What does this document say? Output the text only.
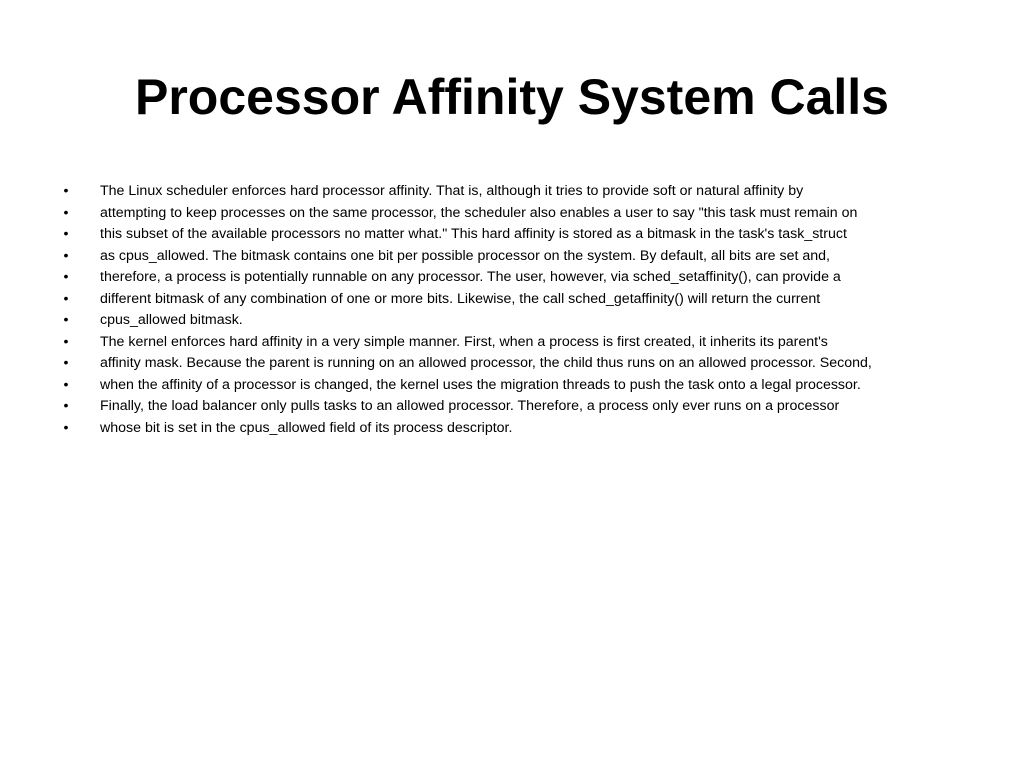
Processor Affinity System Calls
• The Linux scheduler enforces hard processor affinity. That is, although it tries to provide soft or natural affinity by
• attempting to keep processes on the same processor, the scheduler also enables a user to say "this task must remain on
• this subset of the available processors no matter what." This hard affinity is stored as a bitmask in the task's task_struct
• as cpus_allowed. The bitmask contains one bit per possible processor on the system. By default, all bits are set and,
• therefore, a process is potentially runnable on any processor. The user, however, via sched_setaffinity(), can provide a
• different bitmask of any combination of one or more bits. Likewise, the call sched_getaffinity() will return the current
• cpus_allowed bitmask.
• The kernel enforces hard affinity in a very simple manner. First, when a process is first created, it inherits its parent's
• affinity mask. Because the parent is running on an allowed processor, the child thus runs on an allowed processor. Second,
• when the affinity of a processor is changed, the kernel uses the migration threads to push the task onto a legal processor.
• Finally, the load balancer only pulls tasks to an allowed processor. Therefore, a process only ever runs on a processor
• whose bit is set in the cpus_allowed field of its process descriptor.
